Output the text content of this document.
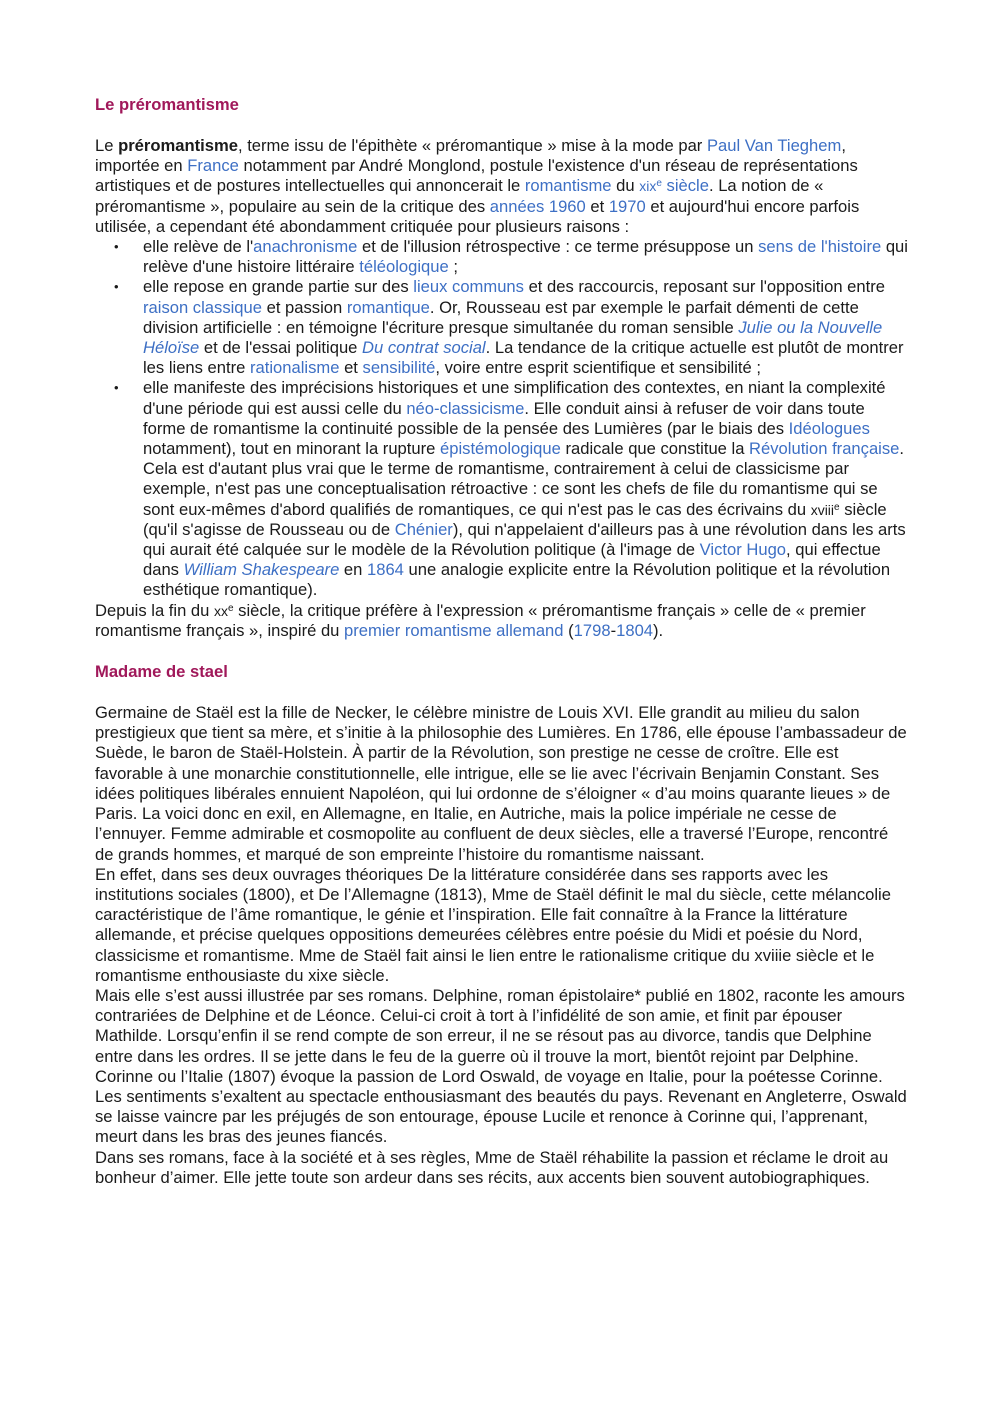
Le préromantisme

Le préromantisme, terme issu de l'épithète « préromantique » mise à la mode par Paul Van Tieghem, importée en France notamment par André Monglond, postule l'existence d'un réseau de représentations artistiques et de postures intellectuelles qui annoncerait le romantisme du xix$^e$ siècle. La notion de « préromantisme », populaire au sein de la critique des années 1960 et 1970 et aujourd'hui encore parfois utilisée, a cependant été abondamment critiquée pour plusieurs raisons :

• elle relève de l'anachronisme et de l'illusion rétrospective : ce terme présuppose un sens de l'histoire qui relève d'une histoire littéraire téléologique ;
• elle repose en grande partie sur des lieux communs et des raccourcis, reposant sur l'opposition entre raison classique et passion romantique. Or, Rousseau est par exemple le parfait démenti de cette division artificielle : en témoigne l'écriture presque simultanée du roman sensible Julie ou la Nouvelle Héloïse et de l'essai politique Du contrat social. La tendance de la critique actuelle est plutôt de montrer les liens entre rationalisme et sensibilité, voire entre esprit scientifique et sensibilité ;
• elle manifeste des imprécisions historiques et une simplification des contextes, en niant la complexité d'une période qui est aussi celle du néo-classicisme. Elle conduit ainsi à refuser de voir dans toute forme de romantisme la continuité possible de la pensée des Lumières (par le biais des Idéologues notamment), tout en minorant la rupture épistémologique radicale que constitue la Révolution française. Cela est d'autant plus vrai que le terme de romantisme, contrairement à celui de classicisme par exemple, n'est pas une conceptualisation rétroactive : ce sont les chefs de file du romantisme qui se sont eux-mêmes d'abord qualifiés de romantiques, ce qui n'est pas le cas des écrivains du xviii$^e$ siècle (qu'il s'agisse de Rousseau ou de Chénier), qui n'appelaient d'ailleurs pas à une révolution dans les arts qui aurait été calquée sur le modèle de la Révolution politique (à l'image de Victor Hugo, qui effectue dans William Shakespeare en 1864 une analogie explicite entre la Révolution politique et la révolution esthétique romantique).

Depuis la fin du $xx^e$ siècle, la critique préfère à l'expression « préromantisme français » celle de « premier romantisme français », inspiré du premier romantisme allemand (1798-1804).

Madame de stael

Germaine de Staël est la fille de Necker, le célèbre ministre de Louis XVI. Elle grandit au milieu du salon prestigieux que tient sa mère, et s’initie à la philosophie des Lumières. En 1786, elle épouse l’ambassadeur de Suède, le baron de Staël-Holstein. À partir de la Révolution, son prestige ne cesse de croître. Elle est favorable à une monarchie constitutionnelle, elle intrigue, elle se lie avec l’écrivain Benjamin Constant. Ses idées politiques libérales ennuient Napoléon, qui lui ordonne de s’éloigner « d’au moins quarante lieues » de Paris. La voici donc en exil, en Allemagne, en Italie, en Autriche, mais la police impériale ne cesse de l’ennuyer. Femme admirable et cosmopolite au confluent de deux siècles, elle a traversé l’Europe, rencontré de grands hommes, et marqué de son empreinte l’histoire du romantisme naissant.

En effet, dans ses deux ouvrages théoriques De la littérature considérée dans ses rapports avec les institutions sociales (1800), et De l’Allemagne (1813), Mme de Staël définit le mal du siècle, cette mélancolie caractéristique de l’âme romantique, le génie et l’inspiration. Elle fait connaître à la France la littérature allemande, et précise quelques oppositions demeurées célèbres entre poésie du Midi et poésie du Nord, classicisme et romantisme. Mme de Staël fait ainsi le lien entre le rationalisme critique du xviiie siècle et le romantisme enthousiaste du xixe siècle.

Mais elle s’est aussi illustrée par ses romans. Delphine, roman épistolaire* publié en 1802, raconte les amours contrariées de Delphine et de Léonce. Celui-ci croit à tort à l’infidélité de son amie, et finit par épouser Mathilde. Lorsqu’enfin il se rend compte de son erreur, il ne se résout pas au divorce, tandis que Delphine entre dans les ordres. Il se jette dans le feu de la guerre où il trouve la mort, bientôt rejoint par Delphine.

Corinne ou l’Italie (1807) évoque la passion de Lord Oswald, de voyage en Italie, pour la poétesse Corinne. Les sentiments s’exaltent au spectacle enthousiasmant des beautés du pays. Revenant en Angleterre, Oswald se laisse vaincre par les préjugés de son entourage, épouse Lucile et renonce à Corinne qui, l’apprenant, meurt dans les bras des jeunes fiancés.

Dans ses romans, face à la société et à ses règles, Mme de Staël réhabilite la passion et réclame le droit au bonheur d’aimer. Elle jette toute son ardeur dans ses récits, aux accents bien souvent autobiographiques.
